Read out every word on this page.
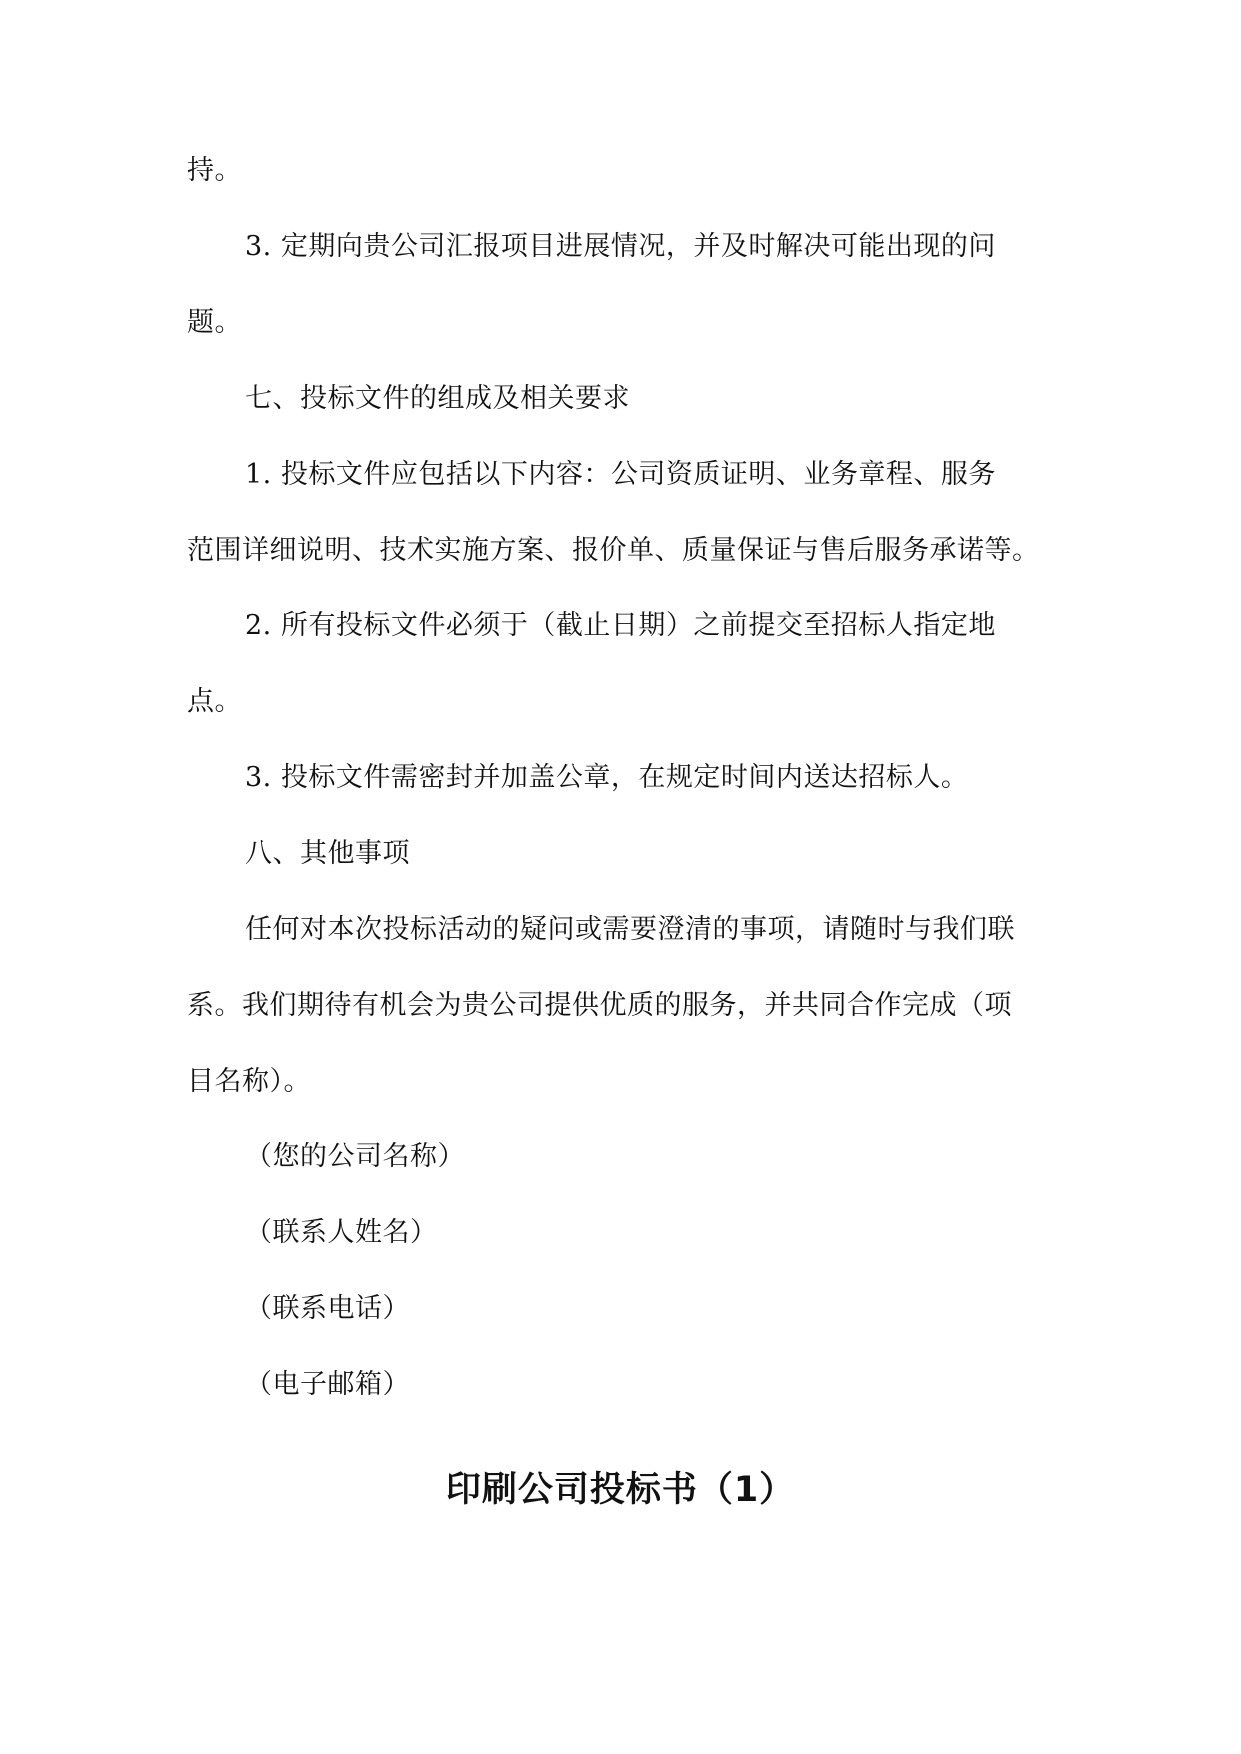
持。
3. 定期向贵公司汇报项目进展情况，并及时解决可能出现的问
题。
七、投标文件的组成及相关要求
1. 投标文件应包括以下内容：公司资质证明、业务章程、服务
范围详细说明、技术实施方案、报价单、质量保证与售后服务承诺等。
2. 所有投标文件必须于（截止日期）之前提交至招标人指定地
点。
3. 投标文件需密封并加盖公章，在规定时间内送达招标人。
八、其他事项
任何对本次投标活动的疑问或需要澄清的事项，请随时与我们联
系。我们期待有机会为贵公司提供优质的服务，并共同合作完成（项
目名称）。
（您的公司名称）
（联系人姓名）
（联系电话）
（电子邮箱）
印刷公司投标书（1）
